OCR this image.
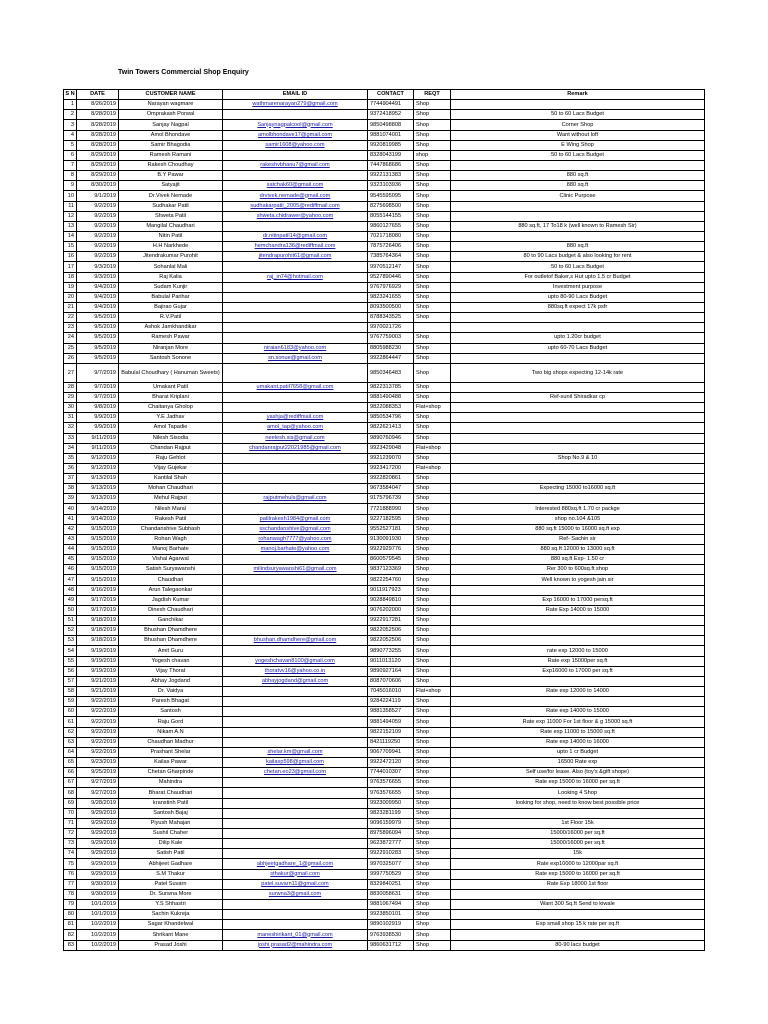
Twin Towers Commercial Shop Enquiry
S N	DATE	CUSTOMER NAME	EMAIL ID	CONTACT	REQT	Remark
1	8/26/2019	Narayan wagmare	wathmarenarayan279@gmail.com	7744904491	Shop	
2	8/28/2019	Omprakash Porwal		9372418952	Shop	50 to 60 Lacs Budget
3	8/28/2019	Sanjay Nagpal	Sanjaynagpalcool@gmail.com	9850498808	Shop	Corner Shop
4	8/28/2019	Amol Bhondave	amolbhondave17@gmail.com	9881074001	Shop	Want without loft
5	8/28/2019	Samir Bhagodia	samir1608@yahoo.com	9920819985	Shop	E Wing Shop
6	8/29/2019	Ramesh Ramani		8328043199	shop	50 to 60 Lacs Budget
7	8/29/2019	Rakesh Choudhay	rakeshvbhanu7@gmail.com	7447868686	Shop	
8	8/29/2019	B.Y Pawar		9922131383	Shop	880 sq.ft
9	8/30/2019	Satyajit	satchak60@gmail.com	9323103936	Shop	880 sq.ft
10	9/1/2019	Dr.Vivek Nemade	drvivek.nemade@gmail.com	9545595095	Shop	Clinic Purpose
11	9/2/2019	Sudhakar Patil	sudhakarpatil_2005@rediffmail.com	8275698500	Shop	
12	9/2/2019	Shweta Patil	shweta.chidrawer@yahoo.com	8055144155	Shop	
13	9/2/2019	Mangilal Chaudhari		9860127655	Shop	880 sq.ft, 17 To18 k (well known to Ramesh Sir)
14	9/2/2019	Nitin Patil	dr.nitinpatil14@gmail.com	7021718080	Shop	
15	9/2/2019	H.H Narkhede	hemchandra136@rediffmail.com	7875726406	Shop	880 sq.ft
16	9/2/2019	Jitendrakumar Purohit	jitendrapurohit61@gmail.com	7385764364	Shop	80 to 90 Lacs budget & also looking for rent
17	9/3/2019	Sohanlal Mali		9970512147	Shop	50 to 60 Lacs Budget
18	9/3/2019	Raj Kalia	raj_in74@hotmail.com	9527890446	Shop	For outletof Baker,s Hut upto 1.5 cr Budget
19	9/4/2019	Sudam Kunjir		9767976929	Shop	Investment purpose
20	9/4/2019	Babulal Parihar		9823241655	Shop	upto 80-90 Lacs Budget
21	9/4/2019	Bajirao Gujar		8093500500	Shop	880sq.ft expect 17k psfr
22	9/5/2019	R.V.Patil		8788343525	Shop	
23	9/5/2019	Ashok Jamkhandikar		9970021726		
24	9/5/2019	Ramesh Pawar		9767759003	Shop	upto 1.20cr budget
25	9/5/2019	Niranjan More	niraian6183@yahoo.com	8805988230	Shop	upto 60-70 Lacs Budget
26	9/5/2019	Santosh Sonone	sn.sonue@gmail.com	9922864447	Shop	
27	9/7/2019	Babulal Choudhary ( Hanuman Sweets)		9850346483	Shop	Two big shops expecting 12-14k rate
28	9/7/2019	Umakant Patil	umakant.patil7658@gmail.com	9822313785	Shop	
29	9/7/2019	Bharat Kriplani		9881490488	Shop	Ref-sunil Shiradkar cp
30	9/8/2019	Chaitanya Gholop		9822088353	Flat+shop	
31	9/9/2019	Y.E Jadhav	yashja@rediffmail.com	9850534796	Shop	
32	9/9/2019	Amol Tapadie	amol_tap@yahoo.com	9822621413	Shop	
33	9/11/2019	Nilesh Sisodia	neelesh.sis@gmail.com	9890760946	Shop	
34	9/11/2019	Chandan Rajput	chandanrajput22021985@gmail.com	9923429048	Flat+shop	
35	9/12/2019	Raju Gehlot		9921239070	Shop	Shop No.9 & 10
36	9/12/2019	Vijay Gujekar		9923417200	Flat+shop	
37	9/13/2019	Kantilal Shah		9922820861	Shop	
38	9/13/2019	Mohan Chaudhari		9673584047	Shop	Expecting 15000 to16000 sq.ft
39	9/13/2019	Mehul Rajput	rajputmehuls@gmail.com	9175796739	Shop	
40	9/14/2019	Nilesh Maral		7721888990	Shop	Interested 880sq.ft 1.70 cr packge
41	9/14/2019	Rakesh Patil	patilrakesh1984@gmail.com	9227182595	Shop	shop no.104 &105
42	9/15/2019	Chandanshive Subhash	sschandanshive@gmail.com	9552527181	Shop	880 sq.ft 15000 to 16000 sq.ft exp
43	9/15/2019	Rohan Wagh	rohanwagh7777@yahoo.com	9130091930	Shop	Ref- Sachin sir
44	9/15/2019	Manoj Barhate	manoj.barhate@yahoo.com	9922929776	Shop	880 sq.ft 12000 to 13000 sq.ft
45	9/15/2019	Vishal Agarwal		8600579545	Shop	880 sq.ft Exp- 1.50 cr
46	9/15/2019	Satish Suryawanshi	milindsuryawanshi61@gmail.com	9837123369	Shop	Rer 300 to 600sq.ft shop
47	9/15/2019	Chaudhari		9822254760	Shop	Well known to yogesh jain sir
48	9/16/2019	Arun Talegaonkar		9011917923	Shop	
49	9/17/2019	Jagdish Kumar		9028849810	Shop	Exp 16000 to 17000 persq.ft
50	9/17/2019	Dinesh Chaudhari		9076202000	Shop	Rate Exp 14000 to 15000
51	9/18/2019	Ganchikar		9922917281	Shop	
52	9/18/2019	Bhushan Dhamdhere		9822052506	Shop	
53	9/18/2019	Bhushan Dhamdhere	bhushan.dhamdhere@gmail.com	9822052506	Shop	
54	9/19/2019	Amit Guru		9890773255	Shop	rate exp 12000 to 15000
55	9/19/2019	Yogesh chavan	yogeshchavan8100@gmail.com	9011013120	Shop	Rate exp 15000per sq.ft
56	9/19/2019	Vijay Thorat	thoratvv16@yahoo.co.in	9890927164	Shop	Exp16000 to 17000 per sq.ft
57	9/21/2019	Abhay Jogdand	abhayjogdand@gmail.com	8087070606	Shop	
58	9/21/2019	Dr. Vaidya		7045016010	Flat+shop	Rate exp 12000 to 14000
59	9/22/2019	Paresh Bhagat		9284224119	Shop	
60	9/22/2019	Santosh		9881358527	Shop	Rate exp 14000 to 15000
61	9/22/2019	Raju Gord		9881494059	Shop	Rate exp 11000 For 1st floor & g 15000 sq.ft
62	9/22/2019	Nikam A.N		9822152109	Shop	Rate exp 11000 to 15000 sq.ft
63	9/22/2019	Chaudhari Madhur		8421119250	Shop	Rate exp 14000 to 16000
64	9/22/2019	Prashant Shelar	shelar.km@gmail.com	9067709941	Shop	upto 1 cr Budget
65	9/23/2019	Kailas Pawar	kailasp598@gmail.com	9922472120	Shop	16500 Rate exp
66	9/25/2019	Chetan Gharpinde	chetan.eo23@gmail.com	7744010307	Shop	Self use/for lease. Also (toy's &gift shope)
67	9/27/2019	Mahindra		9763576655	Shop	Rate exp 15000 to 16000 per sq.ft
68	9/27/2019	Bharat Chaudhari		9763576655	Shop	Looking 4 Shop
69	9/28/2019	kranstinh Patil		9923009950	Shop	looking for shop, need to know best possible price
70	9/29/2019	Santosh Bajaj		9823281199	Shop	
71	9/29/2019	Piyush Mahajan		9096159979	Shop	1st Floor 15k
72	9/29/2019	Sushil Chaher		8975896094	Shop	15000/16000 per sq.ft
73	9/29/2019	Dilip Kale		9623872777	Shop	15000/16000 per sq.ft
74	9/29/2019	Satish Patil		9922910283	Shop	15k
75	9/29/2019	Abhijeet Gadhare	abhjeetgadhare_1@gmail.com	9970325077	Shop	Rate exp10000 to 12000par sq.ft
76	9/29/2019	S.M Thakur	sthakur@gmail.com	9997750529	Shop	Rate exp 15000 to 16000 per sq.ft
77	9/30/2019	Patel Suvarn	patel.suvarn11@gmail.com	8329840251	Shop	Rate Exp 18000 1st floor
78	9/30/2019	Dr. Surwna More	surwna3@gmail.com	8830058631	Shop	
79	10/1/2019	Y.S Shhastri		9881067494	Shop	Want 300 Sq.ft Send to kiwale
80	10/1/2019	Sachin Kukreja		9923850101	Shop	
81	10/2/2019	Sagar Khandelwal		9890102919	Shop	Exp small shop 15 k rate per sq.ft
82	10/2/2019	Shrikant Mane	maneshirikant_01@gmail.com	9763938530	Shop	
83	10/2/2019	Prasad Joshi	joshi.prasad2@mahindra.com	9860631712	Shop	80-90 lacs budget
